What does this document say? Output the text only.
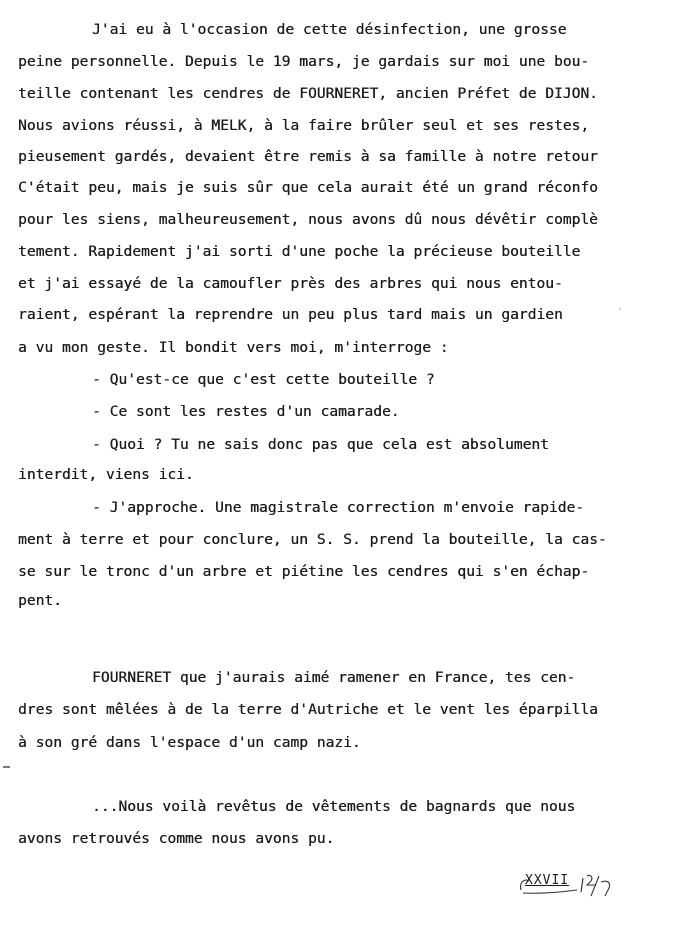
J'ai eu à l'occasion de cette désinfection, une grosse
peine personnelle. Depuis le 19 mars, je gardais sur moi une bou-
teille contenant les cendres de FOURNERET, ancien Préfet de DIJON.
Nous avions réussi, à MELK, à la faire brûler seul et ses restes,
pieusement gardés, devaient être remis à sa famille à notre retour
C'était peu, mais je suis sûr que cela aurait été un grand réconfo
pour les siens, malheureusement, nous avons dû nous dévêtir complè
tement. Rapidement j'ai sorti d'une poche la précieuse bouteille
et j'ai essayé de la camoufler près des arbres qui nous entou-
raient, espérant la reprendre un peu plus tard mais un gardien
a vu mon geste. Il bondit vers moi, m'interroge :
- Qu'est-ce que c'est cette bouteille ?
- Ce sont les restes d'un camarade.
- Quoi ? Tu ne sais donc pas que cela est absolument
interdit, viens ici.
- J'approche. Une magistrale correction m'envoie rapide-
ment à terre et pour conclure, un S. S. prend la bouteille, la cas-
se sur le tronc d'un arbre et piétine les cendres qui s'en échap-
pent.
FOURNERET que j'aurais aimé ramener en France, tes cen-
dres sont mêlées à de la terre d'Autriche et le vent les éparpilla
à son gré dans l'espace d'un camp nazi.
...Nous voilà revêtus de vêtements de bagnards que nous
avons retrouvés comme nous avons pu.
˙
XXVII
